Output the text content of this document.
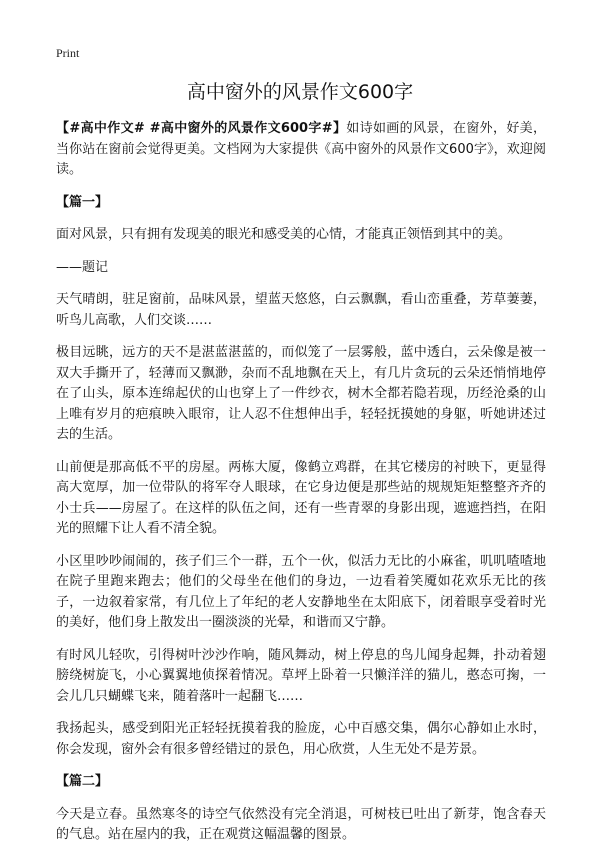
Print
高中窗外的风景作文600字

【#高中作文# #高中窗外的风景作文600字#】如诗如画的风景，在窗外，好美，当你站在窗前会觉得更美。文档网为大家提供《高中窗外的风景作文600字》，欢迎阅读。

【篇一】

面对风景，只有拥有发现美的眼光和感受美的心情，才能真正领悟到其中的美。

——题记

天气晴朗，驻足窗前，品味风景，望蓝天悠悠，白云飘飘，看山峦重叠，芳草萋萋，听鸟儿高歌，人们交谈……

极目远眺，远方的天不是湛蓝湛蓝的，而似笼了一层雾般，蓝中透白，云朵像是被一双大手撕开了，轻薄而又飘渺，杂而不乱地飘在天上，有几片贪玩的云朵还悄悄地停在了山头，原本连绵起伏的山也穿上了一件纱衣，树木全都若隐若现，历经沧桑的山上唯有岁月的疤痕映入眼帘，让人忍不住想伸出手，轻轻抚摸她的身躯，听她讲述过去的生活。

山前便是那高低不平的房屋。两栋大厦，像鹤立鸡群，在其它楼房的衬映下，更显得高大宽厚，加一位带队的将军夺人眼球，在它身边便是那些站的规规矩矩整整齐齐的小士兵——房屋了。在这样的队伍之间，还有一些青翠的身影出现，遮遮挡挡，在阳光的照耀下让人看不清全貌。

小区里吵吵闹闹的，孩子们三个一群，五个一伙，似活力无比的小麻雀，叽叽喳喳地在院子里跑来跑去；他们的父母坐在他们的身边，一边看着笑魇如花欢乐无比的孩子，一边叙着家常，有几位上了年纪的老人安静地坐在太阳底下，闭着眼享受着时光的美好，他们身上散发出一圈淡淡的光晕，和谐而又宁静。

有时风儿轻吹，引得树叶沙沙作响，随风舞动，树上停息的鸟儿闻身起舞，扑动着翅膀绕树旋飞，小心翼翼地侦探着情况。草坪上卧着一只懒洋洋的猫儿，憨态可掬，一会儿几只蝴蝶飞来，随着落叶一起翻飞……

我扬起头，感受到阳光正轻轻抚摸着我的脸庞，心中百感交集，偶尔心静如止水时，你会发现，窗外会有很多曾经错过的景色，用心欣赏，人生无处不是芳景。

【篇二】

今天是立春。虽然寒冬的诗空气依然没有完全消退，可树枝已吐出了新芽，饱含春天的气息。站在屋内的我，正在观赏这幅温馨的图景。
